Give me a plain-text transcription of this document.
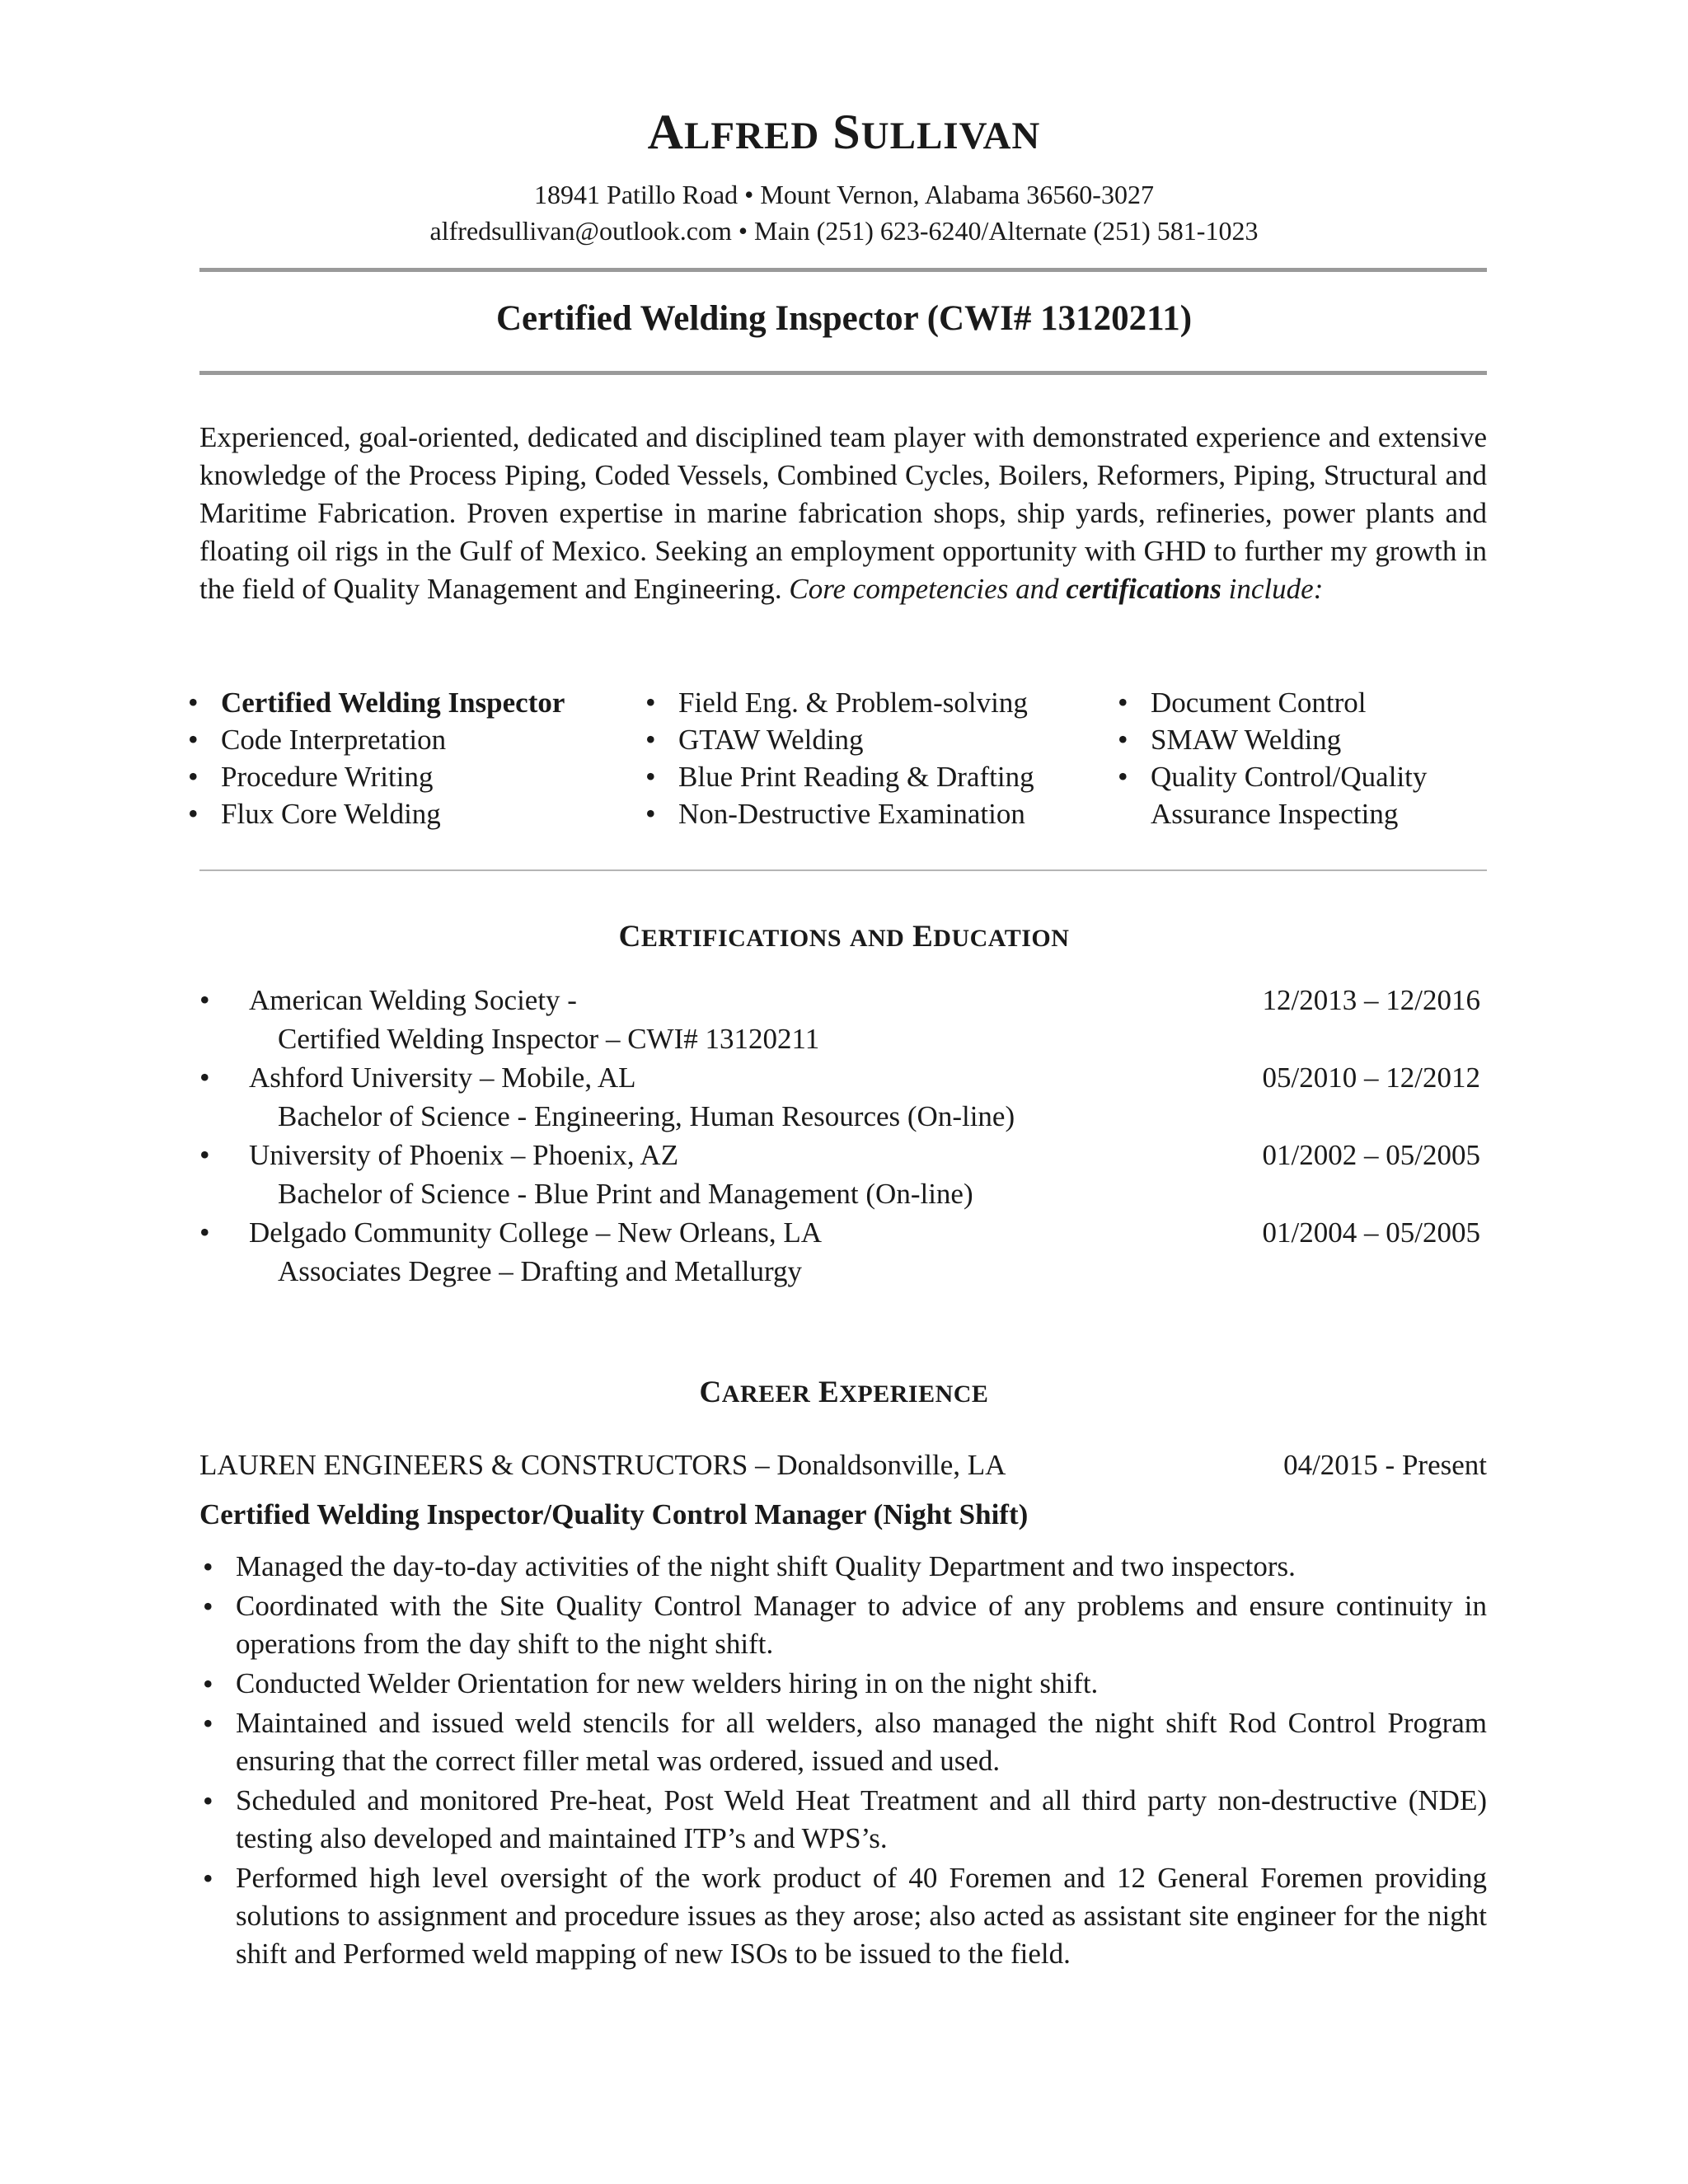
ALFRED SULLIVAN
18941 Patillo Road • Mount Vernon, Alabama 36560-3027
alfredsullivan@outlook.com • Main (251) 623-6240/Alternate (251) 581-1023
Certified Welding Inspector (CWI# 13120211)
Experienced, goal-oriented, dedicated and disciplined team player with demonstrated experience and extensive knowledge of the Process Piping, Coded Vessels, Combined Cycles, Boilers, Reformers, Piping, Structural and Maritime Fabrication. Proven expertise in marine fabrication shops, ship yards, refineries, power plants and floating oil rigs in the Gulf of Mexico. Seeking an employment opportunity with GHD to further my growth in the field of Quality Management and Engineering. Core competencies and certifications include:
• Certified Welding Inspector
• Code Interpretation
• Procedure Writing
• Flux Core Welding
• Field Eng. & Problem-solving
• GTAW Welding
• Blue Print Reading & Drafting
• Non-Destructive Examination
• Document Control
• SMAW Welding
• Quality Control/Quality Assurance Inspecting
CERTIFICATIONS AND EDUCATION
• American Welding Society -	12/2013 – 12/2016
Certified Welding Inspector – CWI# 13120211
• Ashford University – Mobile, AL	05/2010 – 12/2012
Bachelor of Science - Engineering, Human Resources (On-line)
• University of Phoenix – Phoenix, AZ	01/2002 – 05/2005
Bachelor of Science - Blue Print and Management (On-line)
• Delgado Community College – New Orleans, LA	01/2004 – 05/2005
Associates Degree – Drafting and Metallurgy
CAREER EXPERIENCE
LAUREN ENGINEERS & CONSTRUCTORS – Donaldsonville, LA	04/2015 - Present
Certified Welding Inspector/Quality Control Manager (Night Shift)
• Managed the day-to-day activities of the night shift Quality Department and two inspectors.
• Coordinated with the Site Quality Control Manager to advice of any problems and ensure continuity in operations from the day shift to the night shift.
• Conducted Welder Orientation for new welders hiring in on the night shift.
• Maintained and issued weld stencils for all welders, also managed the night shift Rod Control Program ensuring that the correct filler metal was ordered, issued and used.
• Scheduled and monitored Pre-heat, Post Weld Heat Treatment and all third party non-destructive (NDE) testing also developed and maintained ITP’s and WPS’s.
• Performed high level oversight of the work product of 40 Foremen and 12 General Foremen providing solutions to assignment and procedure issues as they arose; also acted as assistant site engineer for the night shift and Performed weld mapping of new ISOs to be issued to the field.
